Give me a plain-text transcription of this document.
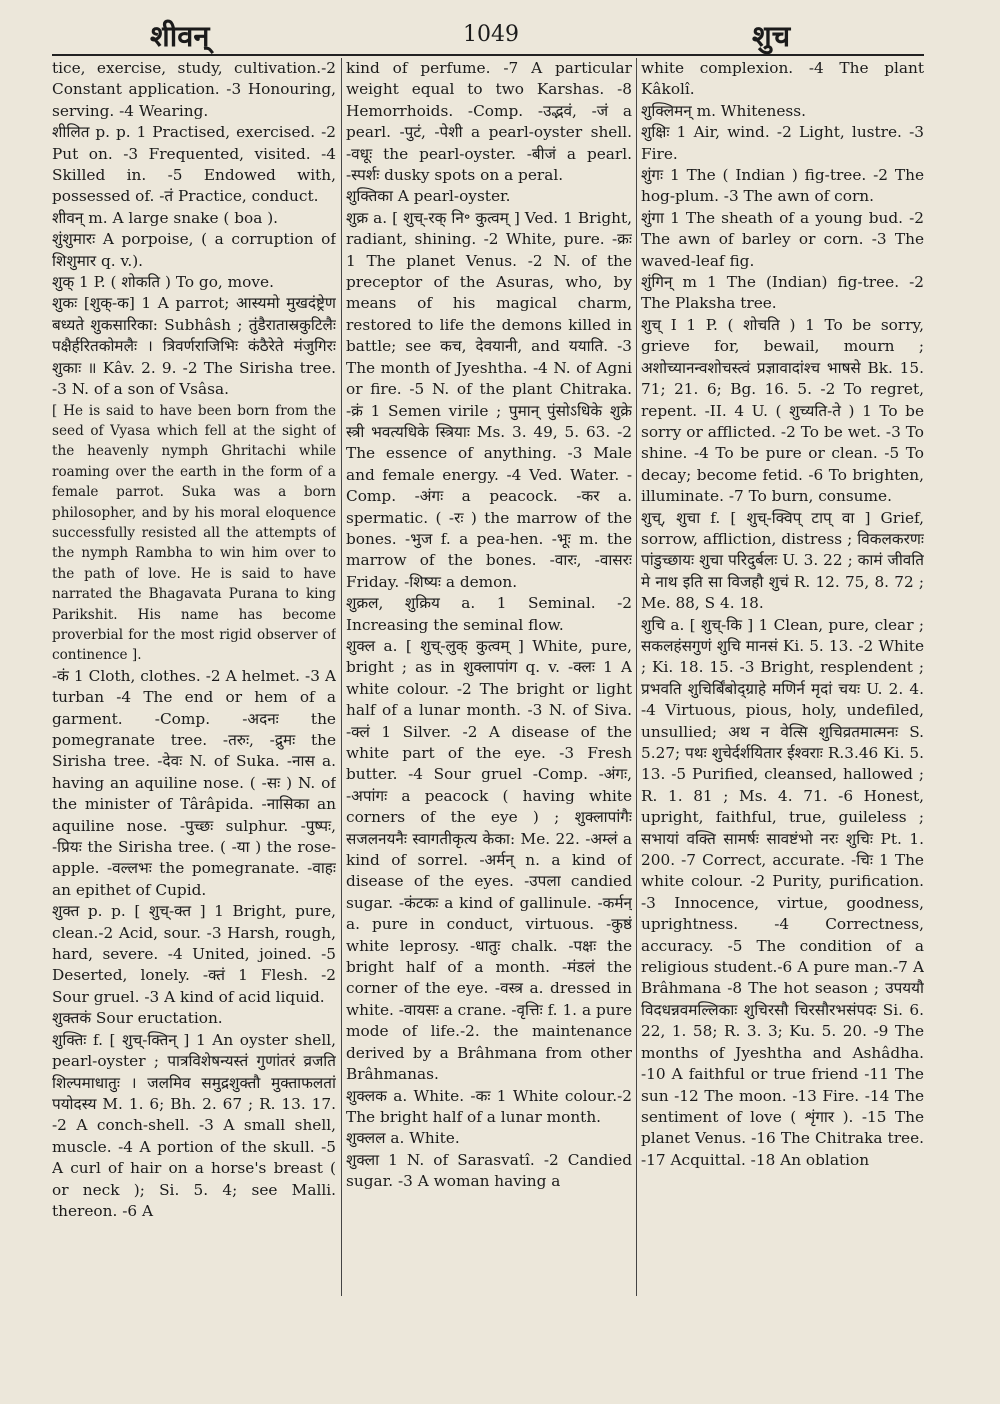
शीवन्	1049	शुच

tice, exercise, study, cultivation.-2 Constant application. -3 Honouring, serving. -4 Wearing.

शीलित p. p. 1 Practised, exercised. -2 Put on. -3 Frequented, visited. -4 Skilled in. -5 Endowed with, possessed of. -तं Practice, conduct.

शीवन् m. A large snake ( boa ).

शुंशुमारः A porpoise, ( a corruption of शिशुमार q. v.).

शुक् 1 P. ( शोकति ) To go, move.

शुकः [शुक्-क] 1 A parrot; आस्यमो मुखदंष्ट्रेण बध्यते शुकसारिका: Subhâsh ; तुंडैरातास्रकुटिलैः पक्षैर्हरितकोमलैः । त्रिवर्णराजिभिः कंठैरेते मंजुगिरः शुकाः ॥ Kâv. 2. 9. -2 The Sirisha tree. -3 N. of a son of Vsâsa.

[ He is said to have been born from the seed of Vyasa which fell at the sight of the heavenly nymph Ghritachi while roaming over the earth in the form of a female parrot. Suka was a born philosopher, and by his moral eloquence successfully resisted all the attempts of the nymph Rambha to win him over to the path of love. He is said to have narrated the Bhagavata Purana to king Parikshit. His name has become proverbial for the most rigid observer of continence ].

-कं 1 Cloth, clothes. -2 A helmet. -3 A turban -4 The end or hem of a garment. -Comp. -अदनः the pomegranate tree. -तरुः, -द्रुमः the Sirisha tree. -देवः N. of Suka. -नास a. having an aquiline nose. ( -सः ) N. of the minister of Târâpida. -नासिका an aquiline nose. -पुच्छः sulphur. -पुष्पः, -प्रियः the Sirisha tree. ( -या ) the rose-apple. -वल्लभः the pomegranate. -वाहः an epithet of Cupid.

शुक्त p. p. [ शुच्-क्त ] 1 Bright, pure, clean.-2 Acid, sour. -3 Harsh, rough, hard, severe. -4 United, joined. -5 Deserted, lonely. -क्तं 1 Flesh. -2 Sour gruel. -3 A kind of acid liquid.

शुक्तकं Sour eructation.

शुक्तिः f. [ शुच्-क्तिन् ] 1 An oyster shell, pearl-oyster ; पात्रविशेषन्यस्तं गुणांतरं व्रजति शिल्पमाधातुः । जलमिव समुद्रशुक्तौ मुक्ताफलतां पयोदस्य M. 1. 6; Bh. 2. 67 ; R. 13. 17. -2 A conch-shell. -3 A small shell, muscle. -4 A portion of the skull. -5 A curl of hair on a horse's breast ( or neck ); Si. 5. 4; see Malli. thereon. -6 A

kind of perfume. -7 A particular weight equal to two Karshas. -8 Hemorrhoids. -Comp. -उद्भवं, -जं a pearl. -पुटं, -पेशी a pearl-oyster shell. -वधूः the pearl-oyster. -बीजं a pearl. -स्पर्शः dusky spots on a peral.

शुक्तिका A pearl-oyster.

शुक्र a. [ शुच्-रक् नि॰ कुत्वम् ] Ved. 1 Bright, radiant, shining. -2 White, pure. -क्रः 1 The planet Venus. -2 N. of the preceptor of the Asuras, who, by means of his magical charm, restored to life the demons killed in battle; see कच, देवयानी, and ययाति. -3 The month of Jyeshtha. -4 N. of Agni or fire. -5 N. of the plant Chitraka. -क्रं 1 Semen virile ; पुमान् पुंसोऽधिके शुक्रे स्त्री भवत्यधिके स्त्रियाः Ms. 3. 49, 5. 63. -2 The essence of anything. -3 Male and female energy. -4 Ved. Water. -Comp. -अंगः a peacock. -कर a. spermatic. ( -रः ) the marrow of the bones. -भुज f. a pea-hen. -भूः m. the marrow of the bones. -वारः, -वासरः Friday. -शिष्यः a demon.

शुक्रल, शुक्रिय a. 1 Seminal. -2 Increasing the seminal flow.

शुक्ल a. [ शुच्-लुक् कुत्वम् ] White, pure, bright ; as in शुक्लापांग q. v. -क्लः 1 A white colour. -2 The bright or light half of a lunar month. -3 N. of Siva. -क्लं 1 Silver. -2 A disease of the white part of the eye. -3 Fresh butter. -4 Sour gruel -Comp. -अंगः, -अपांगः a peacock ( having white corners of the eye ) ; शुक्लापांगैः सजलनयनैः स्वागतीकृत्य केका: Me. 22. -अम्लं a kind of sorrel. -अर्मन् n. a kind of disease of the eyes. -उपला candied sugar. -कंटकः a kind of gallinule. -कर्मन् a. pure in conduct, virtuous. -कुष्ठं white leprosy. -धातुः chalk. -पक्षः the bright half of a month. -मंडलं the corner of the eye. -वस्त्र a. dressed in white. -वायसः a crane. -वृत्तिः f. 1. a pure mode of life.-2. the maintenance derived by a Brâhmana from other Brâhmanas.

शुक्लक a. White. -कः 1 White colour.-2 The bright half of a lunar month.

शुक्लल a. White.

शुक्ला 1 N. of Sarasvatî. -2 Candied sugar. -3 A woman having a

white complexion. -4 The plant Kâkolî.

शुक्लिमन् m. Whiteness.

शुक्षिः 1 Air, wind. -2 Light, lustre. -3 Fire.

शुंगः 1 The ( Indian ) fig-tree. -2 The hog-plum. -3 The awn of corn.

शुंगा 1 The sheath of a young bud. -2 The awn of barley or corn. -3 The waved-leaf fig.

शुंगिन् m 1 The (Indian) fig-tree. -2 The Plaksha tree.

शुच् I 1 P. ( शोचति ) 1 To be sorry, grieve for, bewail, mourn ; अशोच्यानन्वशोचस्त्वं प्रज्ञावादांश्च भाषसे Bk. 15. 71; 21. 6; Bg. 16. 5. -2 To regret, repent. -II. 4 U. ( शुच्यति-ते ) 1 To be sorry or afflicted. -2 To be wet. -3 To shine. -4 To be pure or clean. -5 To decay; become fetid. -6 To brighten, illuminate. -7 To burn, consume.

शुच्, शुचा f. [ शुच्-क्विप् टाप् वा ] Grief, sorrow, affliction, distress ; विकलकरणः पांडुच्छायः शुचा परिदुर्बलः U. 3. 22 ; कामं जीवति मे नाथ इति सा विजहौ शुचं R. 12. 75, 8. 72 ; Me. 88, S 4. 18.

शुचि a. [ शुच्-कि ] 1 Clean, pure, clear ; सकलहंसगुणं शुचि मानसं Ki. 5. 13. -2 White ; Ki. 18. 15. -3 Bright, resplendent ; प्रभवति शुचिर्बिंबोद्ग्राहे मणिर्न मृदां चयः U. 2. 4. -4 Virtuous, pious, holy, undefiled, unsullied; अथ न वेत्सि शुचिव्रतमात्मनः S. 5.27; पथः शुचेर्दर्शयितार ईश्वराः R.3.46 Ki. 5. 13. -5 Purified, cleansed, hallowed ; R. 1. 81 ; Ms. 4. 71. -6 Honest, upright, faithful, true, guileless ; सभायां वक्ति सामर्षः सावष्टंभो नरः शुचिः Pt. 1. 200. -7 Correct, accurate. -चिः 1 The white colour. -2 Purity, purification. -3 Innocence, virtue, goodness, uprightness. -4 Correctness, accuracy. -5 The condition of a religious student.-6 A pure man.-7 A Brâhmana -8 The hot season ; उपययौ विदधन्नवमल्लिकाः शुचिरसौ चिरसौरभसंपदः Si. 6. 22, 1. 58; R. 3. 3; Ku. 5. 20. -9 The months of Jyeshtha and Ashâdha. -10 A faithful or true friend -11 The sun -12 The moon. -13 Fire. -14 The sentiment of love ( शृंगार ). -15 The planet Venus. -16 The Chitraka tree. -17 Acquittal. -18 An oblation
